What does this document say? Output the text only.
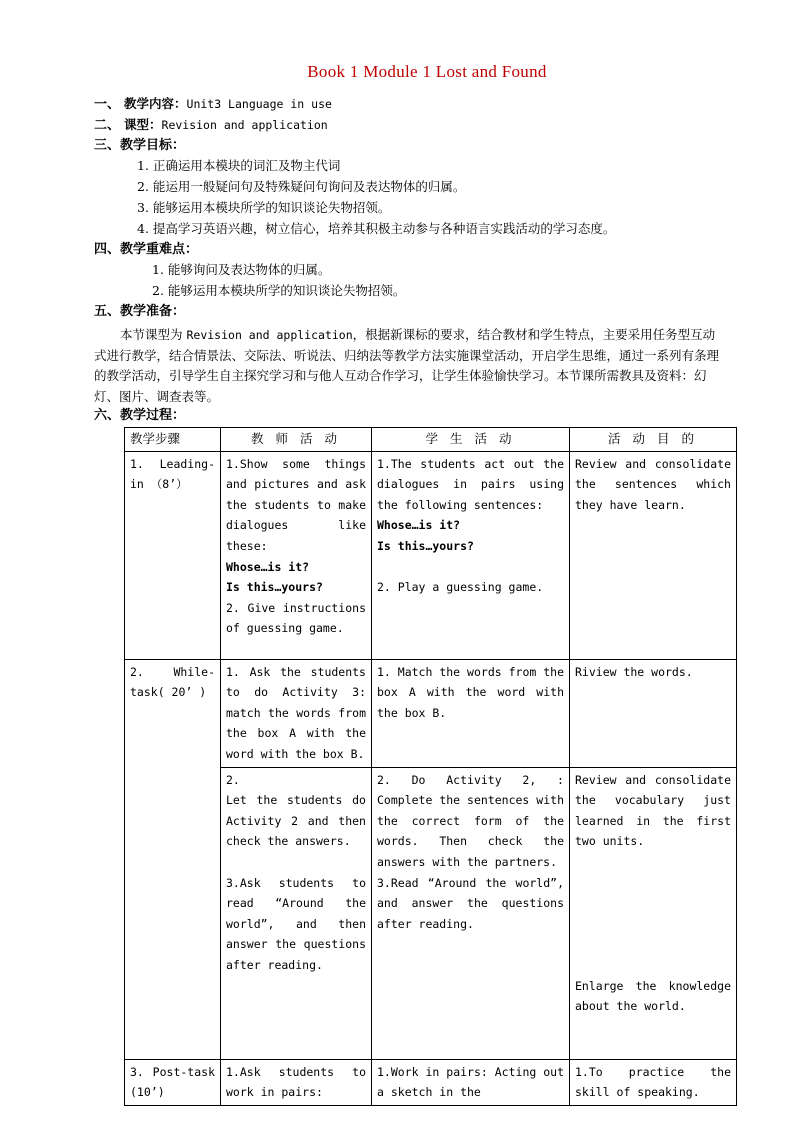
Book 1 Module 1 Lost and Found
一、 教学内容：Unit3 Language in use
二、 课型：Revision and application
三、教学目标：
1. 正确运用本模块的词汇及物主代词
2. 能运用一般疑问句及特殊疑问句询问及表达物体的归属。
3. 能够运用本模块所学的知识谈论失物招领。
4. 提高学习英语兴趣，树立信心，培养其积极主动参与各种语言实践活动的学习态度。
四、教学重难点：
1. 能够询问及表达物体的归属。
2. 能够运用本模块所学的知识谈论失物招领。
五、教学准备：
本节课型为 Revision and application，根据新课标的要求，结合教材和学生特点，主要采用任务型互动式进行教学，结合情景法、交际法、听说法、归纳法等教学方法实施课堂活动，开启学生思维，通过一系列有条理的教学活动，引导学生自主探究学习和与他人互动合作学习，让学生体验愉快学习。本节课所需教具及资料：幻灯、图片、调查表等。
六、教学过程：
教学步骤	教 师 活 动	学 生 活 动	活 动 目 的
1. Leading-in （8’）	1.Show some things and pictures and ask the students to make dialogues like these:
Whose…is it?
Is this…yours?
2. Give instructions of guessing game.	1.The students act out the dialogues in pairs using the following sentences:
Whose…is it?
Is this…yours?
2. Play a guessing game.	Review and consolidate the sentences which they have learn.
2. While-task( 20’ )	1. Ask the students to do Activity 3: match the words from the box A with the word with the box B.	1. Match the words from the box A with the word with the box B.	Riview the words.

	2.
Let the students do Activity 2 and then check the answers.
3.Ask students to read “Around the world”, and then answer the questions after reading.	2. Do Activity 2, : Complete the sentences with the correct form of the words. Then check the answers with the partners.
3.Read “Around the world”, and answer the questions after reading.	Review and consolidate the vocabulary just learned in the first two units.
Enlarge the knowledge about the world.
3. Post-task (10’)	1.Ask students to work in pairs:	1.Work in pairs: Acting out a sketch in the	1.To practice the skill of speaking.
